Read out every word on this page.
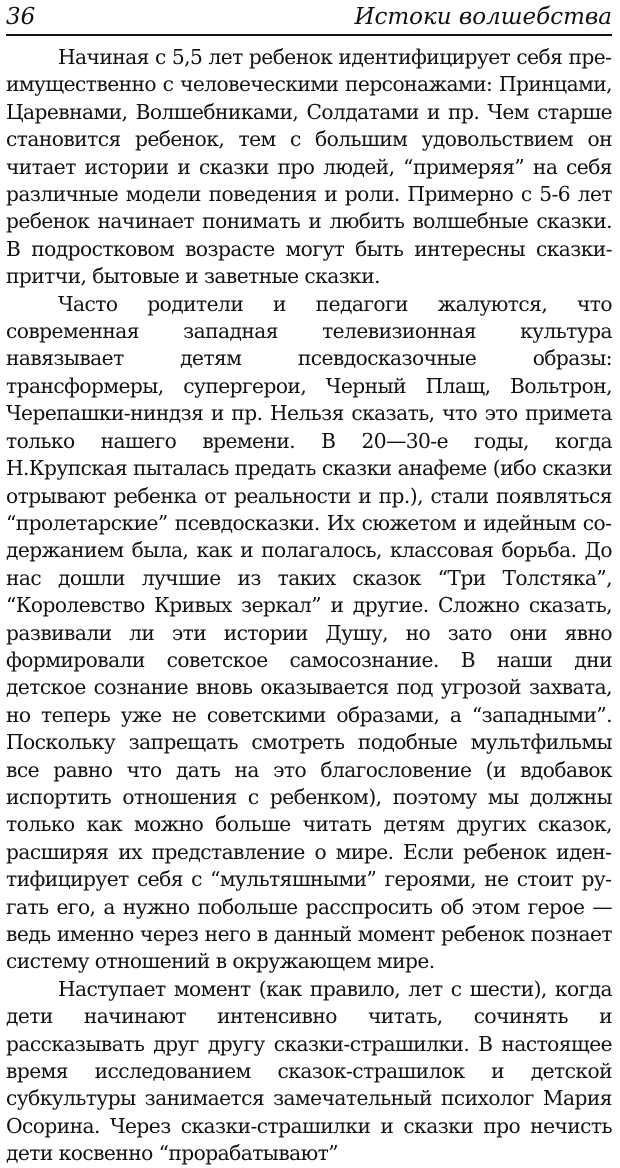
36	Истоки волшебства

Начиная с 5,5 лет ребенок идентифицирует себя преимущественно с человеческими персонажами: Принцами, Царевнами, Волшебниками, Солдатами и пр. Чем старше становится ребенок, тем с большим удовольствием он читает истории и сказки про людей, “примеряя” на себя различные модели поведения и роли. Примерно с 5-6 лет ребенок начинает понимать и любить волшебные сказки. В подростковом возрасте могут быть интересны сказки-притчи, бытовые и заветные сказки.

Часто родители и педагоги жалуются, что современная западная телевизионная культура навязывает детям псевдосказочные образы: трансформеры, супергерои, Черный Плащ, Вольтрон, Черепашки-ниндзя и пр. Нельзя сказать, что это примета только нашего времени. В 20—30-е годы, когда Н.Крупская пыталась предать сказки анафеме (ибо сказки отрывают ребенка от реальности и пр.), стали появляться “пролетарские” псевдосказки. Их сюжетом и идейным содержанием была, как и полагалось, классовая борьба. До нас дошли лучшие из таких сказок “Три Толстяка”, “Королевство Кривых зеркал” и другие. Сложно сказать, развивали ли эти истории Душу, но зато они явно формировали советское самосознание. В наши дни детское сознание вновь оказывается под угрозой захвата, но теперь уже не советскими образами, а “западными”. Поскольку запрещать смотреть подобные мультфильмы все равно что дать на это благословение (и вдобавок испортить отношения с ребенком), поэтому мы должны только как можно больше читать детям других сказок, расширяя их представление о мире. Если ребенок идентифицирует себя с “мультяшными” героями, не стоит ругать его, а нужно побольше расспросить об этом герое — ведь именно через него в данный момент ребенок познает систему отношений в окружающем мире.

Наступает момент (как правило, лет с шести), когда дети начинают интенсивно читать, сочинять и рассказывать друг другу сказки-страшилки. В настоящее время исследованием сказок-страшилок и детской субкультуры занимается замечательный психолог Мария Осорина. Через сказки-страшилки и сказки про нечисть дети косвенно “прорабатывают”
